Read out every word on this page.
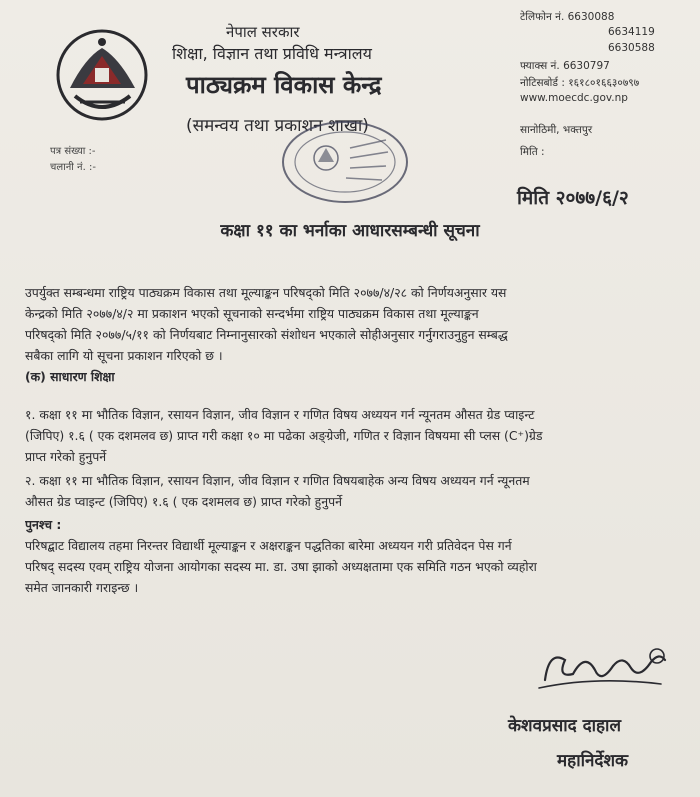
नेपाल सरकार
शिक्षा, विज्ञान तथा प्रविधि मन्त्रालय
पाठ्यक्रम विकास केन्द्र
(समन्वय तथा प्रकाशन शाखा)
टेलिफोन नं. 6630088
6634119
6630588
फ्याक्स नं. 6630797
नोटिसबोर्ड : १६१८०१६६३०७९७
www.moecdc.gov.np
सानोठिमी, भक्तपुर
मिति :
पत्र संख्या :-
चलानी नं. :-
मिति २०७७/६/२
कक्षा ११ का भर्नाका आधारसम्बन्धी सूचना
उपर्युक्त सम्बन्धमा राष्ट्रिय पाठ्यक्रम विकास तथा मूल्याङ्कन परिषद्को मिति २०७७/४/२८ को निर्णयअनुसार यस
केन्द्रको मिति २०७७/४/२ मा प्रकाशन भएको सूचनाको सन्दर्भमा राष्ट्रिय पाठ्यक्रम विकास तथा मूल्याङ्कन
परिषद्को मिति २०७७/५/११ को निर्णयबाट निम्नानुसारको संशोधन भएकाले सोहीअनुसार गर्नुगराउनुहुन सम्बद्ध
सबैका लागि यो सूचना प्रकाशन गरिएको छ ।
(क) साधारण शिक्षा
१. कक्षा ११ मा भौतिक विज्ञान, रसायन विज्ञान, जीव विज्ञान र गणित विषय अध्ययन गर्न न्यूनतम औसत ग्रेड प्वाइन्ट
(जिपिए) १.६ ( एक दशमलव छ) प्राप्त गरी कक्षा १० मा पढेका अङ्ग्रेजी, गणित र विज्ञान विषयमा सी प्लस (C⁺)ग्रेड
प्राप्त गरेको हुनुपर्ने
२. कक्षा ११ मा भौतिक विज्ञान, रसायन विज्ञान, जीव विज्ञान र गणित विषयबाहेक अन्य विषय अध्ययन गर्न न्यूनतम
औसत ग्रेड प्वाइन्ट (जिपिए) १.६ ( एक दशमलव छ) प्राप्त गरेको हुनुपर्ने
पुनश्च :
परिषद्बाट विद्यालय तहमा निरन्तर विद्यार्थी मूल्याङ्कन र अक्षराङ्कन पद्धतिका बारेमा अध्ययन गरी प्रतिवेदन पेस गर्न
परिषद् सदस्य एवम् राष्ट्रिय योजना आयोगका सदस्य मा. डा. उषा झाको अध्यक्षतामा एक समिति गठन भएको व्यहोरा
समेत जानकारी गराइन्छ ।
केशवप्रसाद दाहाल
महानिर्देशक
